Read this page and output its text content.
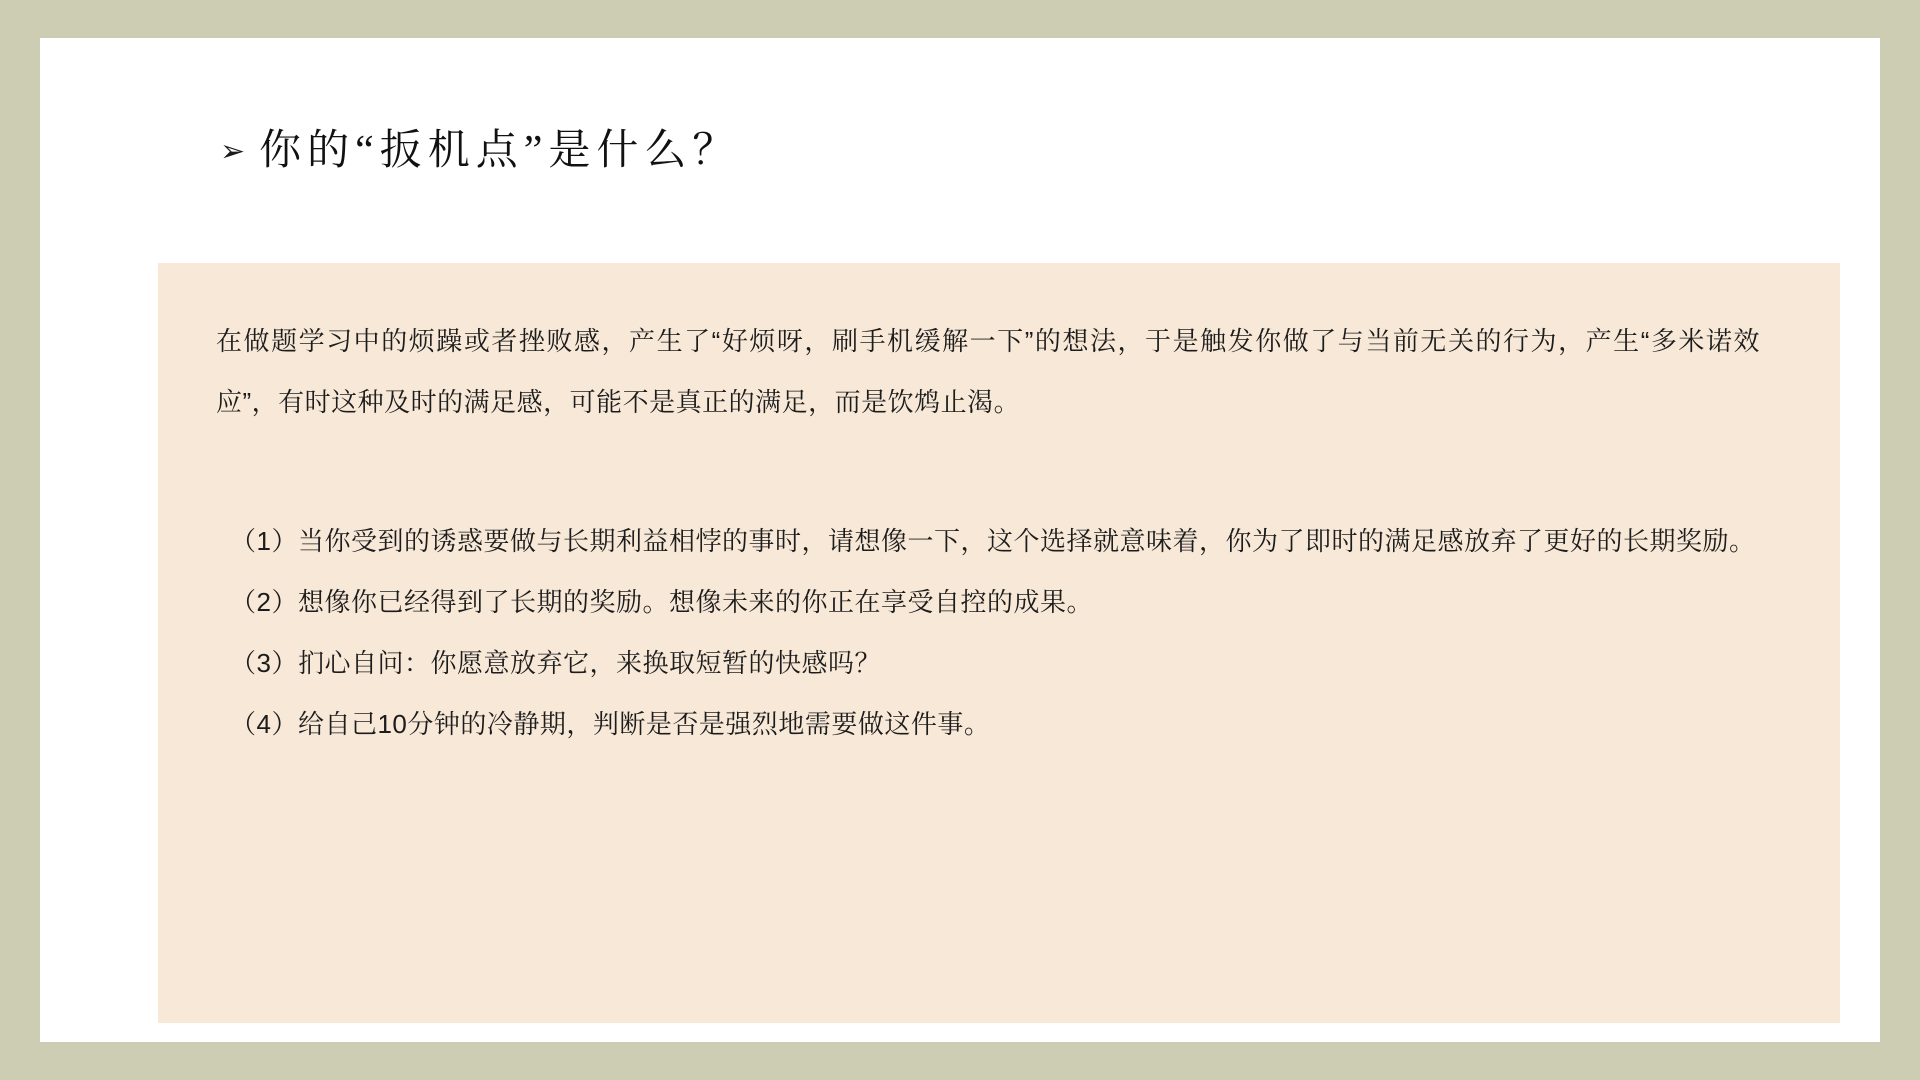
➢ 你的“扳机点”是什么？

在做题学习中的烦躁或者挫败感，产生了“好烦呀，刷手机缓解一下”的想法，于是触发你做了与当前无关的行为，产生“多米诺效应”，有时这种及时的满足感，可能不是真正的满足，而是饮鸩止渴。

（1）当你受到的诱惑要做与长期利益相悖的事时，请想像一下，这个选择就意味着，你为了即时的满足感放弃了更好的长期奖励。

（2）想像你已经得到了长期的奖励。想像未来的你正在享受自控的成果。

（3）扪心自问：你愿意放弃它，来换取短暂的快感吗？

（4）给自己10分钟的冷静期，判断是否是强烈地需要做这件事。
